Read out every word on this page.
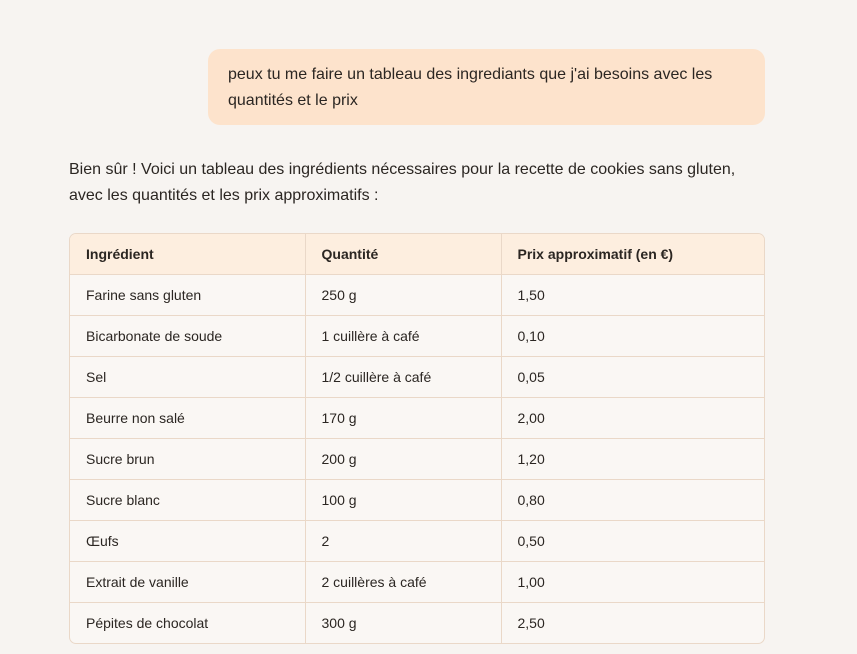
peux tu me faire un tableau des ingrediants que j'ai besoins avec les quantités et le prix
Bien sûr ! Voici un tableau des ingrédients nécessaires pour la recette de cookies sans gluten, avec les quantités et les prix approximatifs :
Ingrédient	Quantité	Prix approximatif (en €)
Farine sans gluten	250 g	1,50
Bicarbonate de soude	1 cuillère à café	0,10
Sel	1/2 cuillère à café	0,05
Beurre non salé	170 g	2,00
Sucre brun	200 g	1,20
Sucre blanc	100 g	0,80
Œufs	2	0,50
Extrait de vanille	2 cuillères à café	1,00
Pépites de chocolat	300 g	2,50
